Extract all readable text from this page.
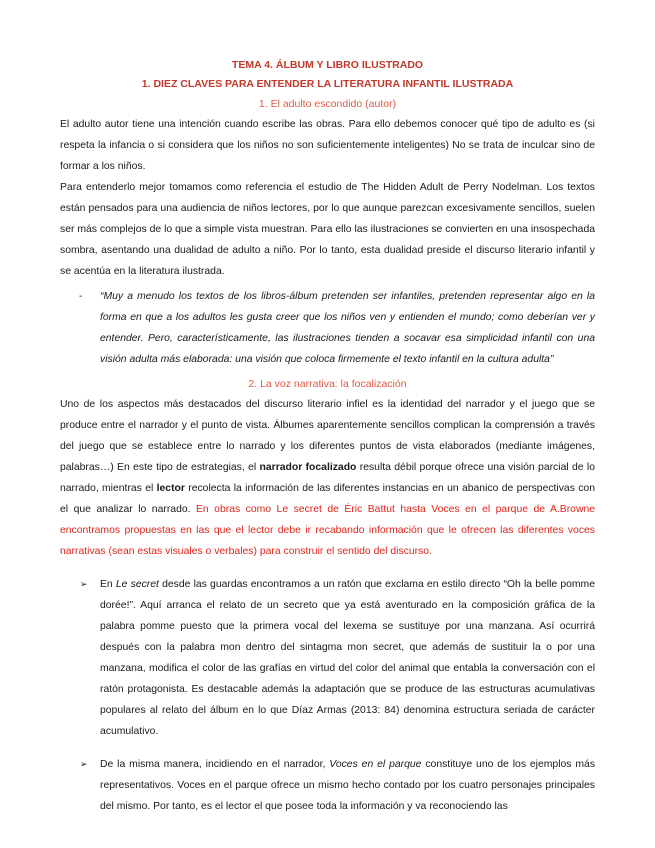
TEMA 4. ÁLBUM Y LIBRO ILUSTRADO
1. DIEZ CLAVES PARA ENTENDER LA LITERATURA INFANTIL ILUSTRADA
1. El adulto escondido (autor)

El adulto autor tiene una intención cuando escribe las obras. Para ello debemos conocer qué tipo de adulto es (si respeta la infancia o si considera que los niños no son suficientemente inteligentes) No se trata de inculcar sino de formar a los niños.

Para entenderlo mejor tomamos como referencia el estudio de The Hidden Adult de Perry Nodelman. Los textos están pensados para una audiencia de niños lectores, por lo que aunque parezcan excesivamente sencillos, suelen ser más complejos de lo que a simple vista muestran. Para ello las ilustraciones se convierten en una insospechada sombra, asentando una dualidad de adulto a niño. Por lo tanto, esta dualidad preside el discurso literario infantil y se acentúa en la literatura ilustrada.

- “Muy a menudo los textos de los libros-álbum pretenden ser infantiles, pretenden representar algo en la forma en que a los adultos les gusta creer que los niños ven y entienden el mundo; como deberían ver y entender. Pero, característicamente, las ilustraciones tienden a socavar esa simplicidad infantil con una visión adulta más elaborada: una visión que coloca firmemente el texto infantil en la cultura adulta”
2. La voz narrativa: la focalización

Uno de los aspectos más destacados del discurso literario infiel es la identidad del narrador y el juego que se produce entre el narrador y el punto de vista. Álbumes aparentemente sencillos complican la comprensión a través del juego que se establece entre lo narrado y los diferentes puntos de vista elaborados (mediante imágenes, palabras…) En este tipo de estrategias, el narrador focalizado resulta débil porque ofrece una visión parcial de lo narrado, mientras el lector recolecta la información de las diferentes instancias en un abanico de perspectivas con el que analizar lo narrado. En obras como Le secret de Éric Battut hasta Voces en el parque de A.Browne encontramos propuestas en las que el lector debe ir recabando información que le ofrecen las diferentes voces narrativas (sean estas visuales o verbales) para construir el sentido del discurso.

➢ En Le secret desde las guardas encontramos a un ratón que exclama en estilo directo “Oh la belle pomme dorée!”. Aquí arranca el relato de un secreto que ya está aventurado en la composición gráfica de la palabra pomme puesto que la primera vocal del lexema se sustituye por una manzana. Así ocurrirá después con la palabra mon dentro del sintagma mon secret, que además de sustituir la o por una manzana, modifica el color de las grafías en virtud del color del animal que entabla la conversación con el ratón protagonista. Es destacable además la adaptación que se produce de las estructuras acumulativas populares al relato del álbum en lo que Díaz Armas (2013: 84) denomina estructura seriada de carácter acumulativo.
➢ De la misma manera, incidiendo en el narrador, Voces en el parque constituye uno de los ejemplos más representativos. Voces en el parque ofrece un mismo hecho contado por los cuatro personajes principales del mismo. Por tanto, es el lector el que posee toda la información y va reconociendo las
